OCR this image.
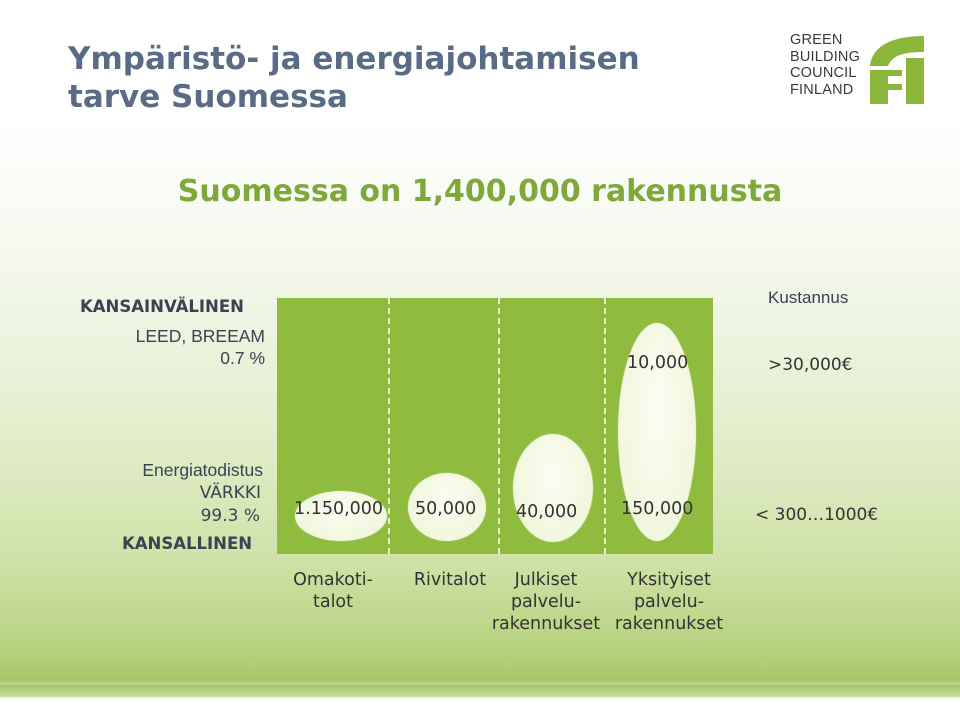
Ympäristö- ja energiajohtamisen
tarve Suomessa
GREEN
BUILDING
COUNCIL
FINLAND
Suomessa on 1,400,000 rakennusta
KANSAINVÄLINEN
LEED, BREEAM
0.7 %
Energiatodistus
VÄRKKI
99.3 %
KANSALLINEN
1.150,000 50,000 40,000	150,000
10,000
Kustannus
>30,000€
< 300…1000€
Omakoti-
talot
Rivitalot	Julkiset
palvelu-
rakennukset
Yksityiset
palvelu-
rakennukset
